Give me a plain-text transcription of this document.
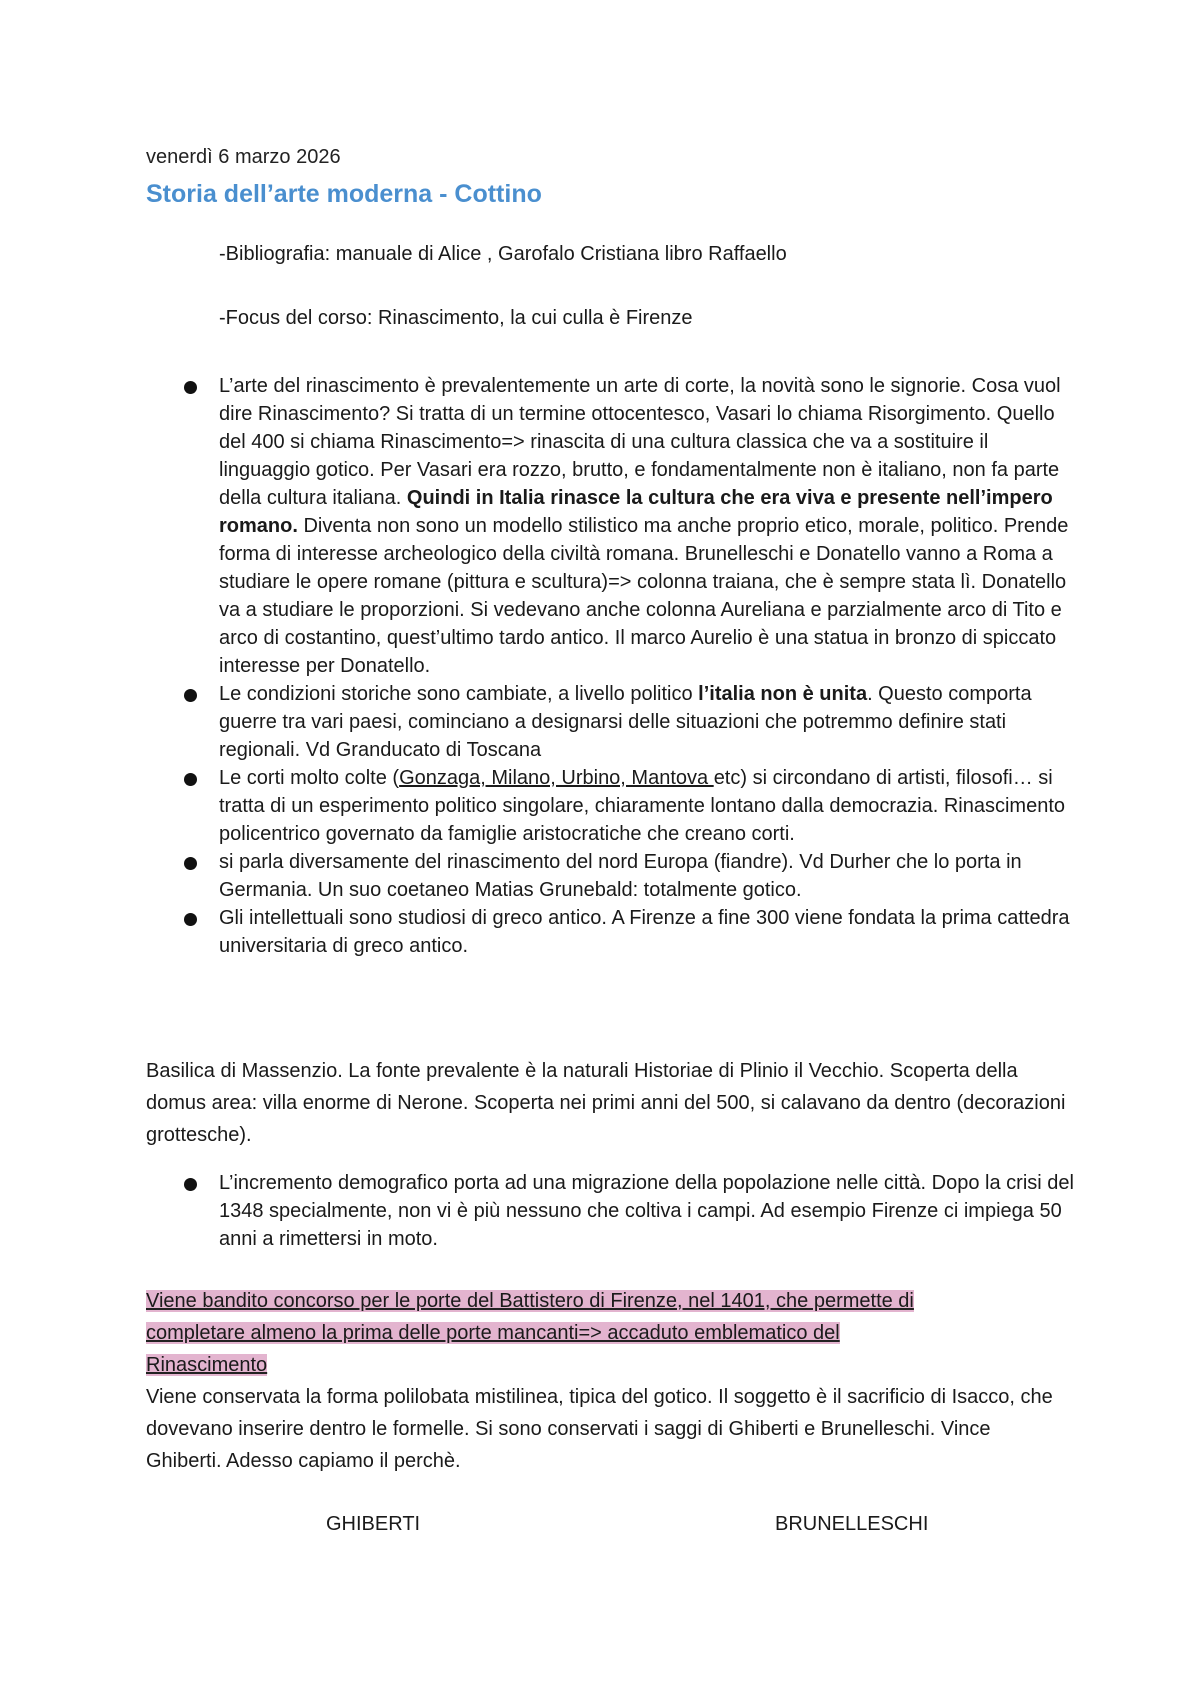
venerdì 6 marzo 2026
Storia dell’arte moderna - Cottino
-Bibliografia: manuale di Alice , Garofalo Cristiana libro Raffaello
-Focus del corso: Rinascimento, la cui culla è Firenze
L’arte del rinascimento è prevalentemente un arte di corte, la novità sono le signorie. Cosa vuol dire Rinascimento? Si tratta di un termine ottocentesco, Vasari lo chiama Risorgimento. Quello del 400 si chiama Rinascimento=> rinascita di una cultura classica che va a sostituire il linguaggio gotico. Per Vasari era rozzo, brutto, e fondamentalmente non è italiano, non fa parte della cultura italiana. Quindi in Italia rinasce la cultura che era viva e presente nell’impero romano. Diventa non sono un modello stilistico ma anche proprio etico, morale, politico. Prende forma di interesse archeologico della civiltà romana. Brunelleschi e Donatello vanno a Roma a studiare le opere romane (pittura e scultura)=> colonna traiana, che è sempre stata lì. Donatello va a studiare le proporzioni. Si vedevano anche colonna Aureliana e parzialmente arco di Tito e arco di costantino, quest’ultimo tardo antico. Il marco Aurelio è una statua in bronzo di spiccato interesse per Donatello.
Le condizioni storiche sono cambiate, a livello politico l’italia non è unita. Questo comporta guerre tra vari paesi, cominciano a designarsi delle situazioni che potremmo definire stati regionali. Vd Granducato di Toscana
Le corti molto colte (Gonzaga, Milano, Urbino, Mantova etc) si circondano di artisti, filosofi… si tratta di un esperimento politico singolare, chiaramente lontano dalla democrazia. Rinascimento policentrico governato da famiglie aristocratiche che creano corti.
si parla diversamente del rinascimento del nord Europa (fiandre). Vd Durher che lo porta in Germania. Un suo coetaneo Matias Grunebald: totalmente gotico.
Gli intellettuali sono studiosi di greco antico. A Firenze a fine 300 viene fondata la prima cattedra universitaria di greco antico.
Basilica di Massenzio. La fonte prevalente è la naturali Historiae di Plinio il Vecchio. Scoperta della domus area: villa enorme di Nerone. Scoperta nei primi anni del 500, si calavano da dentro (decorazioni grottesche).
L’incremento demografico porta ad una migrazione della popolazione nelle città. Dopo la crisi del 1348 specialmente, non vi è più nessuno che coltiva i campi. Ad esempio Firenze ci impiega 50 anni a rimettersi in moto.
Viene bandito concorso per le porte del Battistero di Firenze, nel 1401, che permette di
completare almeno la prima delle porte mancanti=> accaduto emblematico del
Rinascimento
Viene conservata la forma polilobata mistilinea, tipica del gotico. Il soggetto è il sacrificio di Isacco, che dovevano inserire dentro le formelle. Si sono conservati i saggi di Ghiberti e Brunelleschi. Vince Ghiberti. Adesso capiamo il perchè.
GHIBERTI	BRUNELLESCHI
